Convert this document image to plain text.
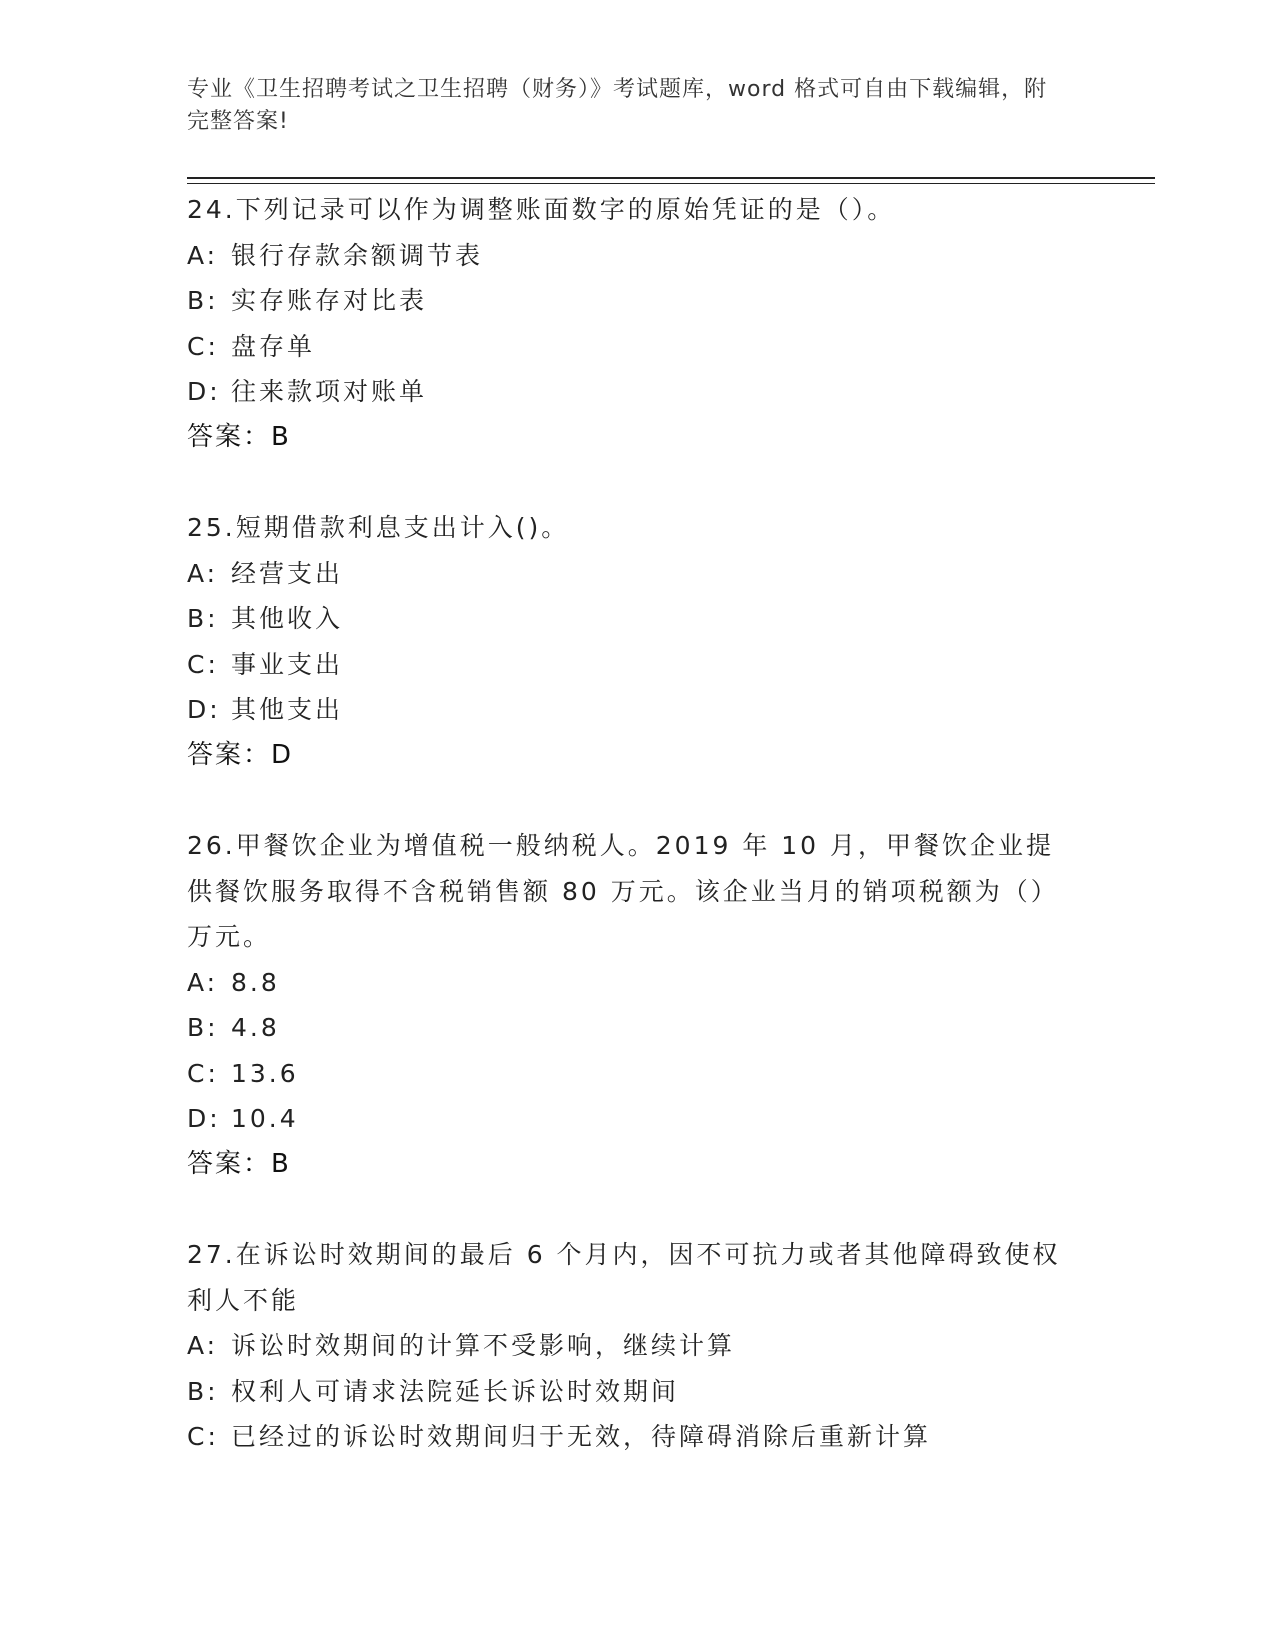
专业《卫生招聘考试之卫生招聘（财务）》考试题库，word 格式可自由下载编辑，附完整答案!
24.下列记录可以作为调整账面数字的原始凭证的是（）。
A: 银行存款余额调节表
B: 实存账存对比表
C: 盘存单
D: 往来款项对账单
答案：B
25.短期借款利息支出计入()。
A: 经营支出
B: 其他收入
C: 事业支出
D: 其他支出
答案：D
26.甲餐饮企业为增值税一般纳税人。2019 年 10 月，甲餐饮企业提供餐饮服务取得不含税销售额 80 万元。该企业当月的销项税额为（）万元。
A: 8.8
B: 4.8
C: 13.6
D: 10.4
答案：B
27.在诉讼时效期间的最后 6 个月内，因不可抗力或者其他障碍致使权利人不能
A: 诉讼时效期间的计算不受影响，继续计算
B: 权利人可请求法院延长诉讼时效期间
C: 已经过的诉讼时效期间归于无效，待障碍消除后重新计算
